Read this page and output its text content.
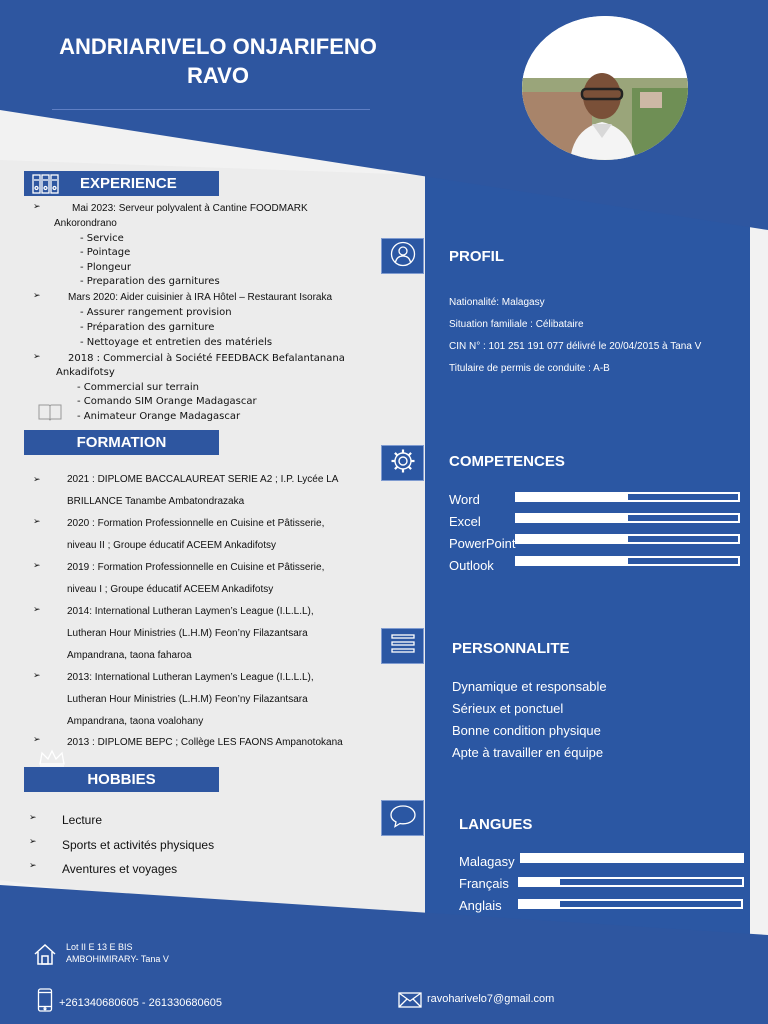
ANDRIARIVELO ONJARIFENO
RAVO
EXPERIENCE
➢	Mai 2023: Serveur polyvalent à Cantine FOODMARK
Ankorondrano
- Service
- Pointage
- Plongeur
- Preparation des garnitures
➢	Mars 2020: Aider cuisinier à IRA Hôtel – Restaurant Isoraka
- Assurer rangement provision
- Préparation des garniture
- Nettoyage et entretien des matériels
➢	2018 : Commercial à Société FEEDBACK Befalantanana
Ankadifotsy
- Commercial sur terrain
- Comando SIM Orange Madagascar
- Animateur Orange Madagascar
FORMATION
➢	2021 : DIPLOME BACCALAUREAT SERIE A2 ; I.P. Lycée LA
BRILLANCE Tanambe Ambatondrazaka
➢	2020 : Formation Professionnelle en Cuisine et Pâtisserie,
niveau II ; Groupe éducatif ACEEM Ankadifotsy
➢	2019 : Formation Professionnelle en Cuisine et Pâtisserie,
niveau I ; Groupe éducatif ACEEM Ankadifotsy
➢	2014: International Lutheran Laymen’s League (I.L.L.L),
Lutheran Hour Ministries (L.H.M) Feon’ny Filazantsara
Ampandrana, taona faharoa
➢	2013: International Lutheran Laymen’s League (I.L.L.L),
Lutheran Hour Ministries (L.H.M) Feon’ny Filazantsara
Ampandrana, taona voalohany
➢	2013 : DIPLOME BEPC ; Collège LES FAONS Ampanotokana
HOBBIES
➢ Lecture
➢ Sports et activités physiques
➢ Aventures et voyages
PROFIL
Nationalité: Malagasy
Situation familiale : Célibataire
CIN N° : 101 251 191 077 délivré le 20/04/2015 à Tana V
Titulaire de permis de conduite : A-B
COMPETENCES
Word
Excel
PowerPoint
Outlook
PERSONNALITE
Dynamique et responsable
Sérieux et ponctuel
Bonne condition physique
Apte à travailler en équipe
LANGUES
Malagasy
Français
Anglais
Lot II E 13 E BIS
AMBOHIMIRARY- Tana V
+261340680605 - 261330680605	ravoharivelo7@gmail.com
